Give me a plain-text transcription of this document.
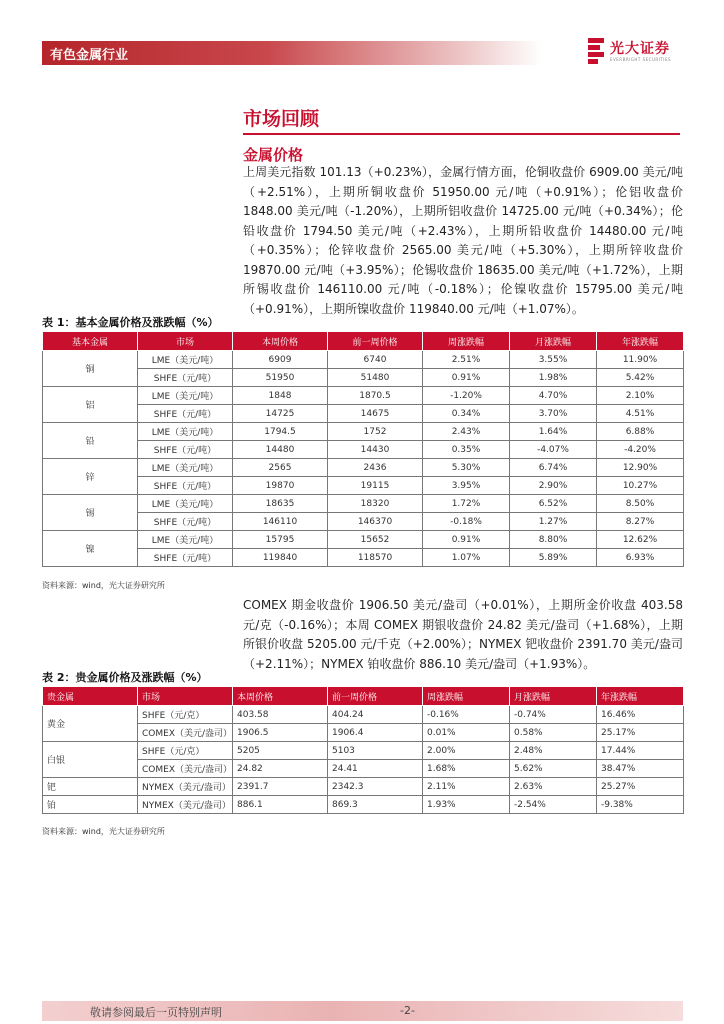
有色金属行业	光大证券
EVERBRIGHT SECURITIES
市场回顾
金属价格
上周美元指数 101.13（+0.23%），金属行情方面，伦铜收盘价 6909.00 美元/吨（+2.51%），上期所铜收盘价 51950.00 元/吨（+0.91%）；伦铝收盘价 1848.00 美元/吨（-1.20%），上期所铝收盘价 14725.00 元/吨（+0.34%）；伦铅收盘价 1794.50 美元/吨（+2.43%），上期所铅收盘价 14480.00 元/吨（+0.35%）；伦锌收盘价 2565.00 美元/吨（+5.30%），上期所锌收盘价 19870.00 元/吨（+3.95%）；伦锡收盘价 18635.00 美元/吨（+1.72%），上期所锡收盘价 146110.00 元/吨（-0.18%）；伦镍收盘价 15795.00 美元/吨（+0.91%），上期所镍收盘价 119840.00 元/吨（+1.07%）。
表 1：基本金属价格及涨跌幅（%）
基本金属	市场	本周价格	前一周价格	周涨跌幅	月涨跌幅	年涨跌幅
铜	LME（美元/吨）	6909	6740	2.51%	3.55%	11.90%
	SHFE（元/吨）	51950	51480	0.91%	1.98%	5.42%
铝	LME（美元/吨）	1848	1870.5	-1.20%	4.70%	2.10%
	SHFE（元/吨）	14725	14675	0.34%	3.70%	4.51%
铅	LME（美元/吨）	1794.5	1752	2.43%	1.64%	6.88%
	SHFE（元/吨）	14480	14430	0.35%	-4.07%	-4.20%
锌	LME（美元/吨）	2565	2436	5.30%	6.74%	12.90%
	SHFE（元/吨）	19870	19115	3.95%	2.90%	10.27%
锡	LME（美元/吨）	18635	18320	1.72%	6.52%	8.50%
	SHFE（元/吨）	146110	146370	-0.18%	1.27%	8.27%
镍	LME（美元/吨）	15795	15652	0.91%	8.80%	12.62%
	SHFE（元/吨）	119840	118570	1.07%	5.89%	6.93%
资料来源：wind，光大证券研究所
COMEX 期金收盘价 1906.50 美元/盎司（+0.01%），上期所金价收盘 403.58 元/克（-0.16%）；本周 COMEX 期银收盘价 24.82 美元/盎司（+1.68%），上期所银价收盘 5205.00 元/千克（+2.00%）；NYMEX 钯收盘价 2391.70 美元/盎司（+2.11%）；NYMEX 铂收盘价 886.10 美元/盎司（+1.93%）。
表 2：贵金属价格及涨跌幅（%）
贵金属	市场	本周价格	前一周价格	周涨跌幅	月涨跌幅	年涨跌幅
黄金	SHFE（元/克）	403.58	404.24	-0.16%	-0.74%	16.46%
	COMEX（美元/盎司）	1906.5	1906.4	0.01%	0.58%	25.17%
白银	SHFE（元/克）	5205	5103	2.00%	2.48%	17.44%
	COMEX（美元/盎司）	24.82	24.41	1.68%	5.62%	38.47%
钯	NYMEX（美元/盎司）	2391.7	2342.3	2.11%	2.63%	25.27%
铂	NYMEX（美元/盎司）	886.1	869.3	1.93%	-2.54%	-9.38%
资料来源：wind，光大证券研究所
敬请参阅最后一页特别声明	-2-
